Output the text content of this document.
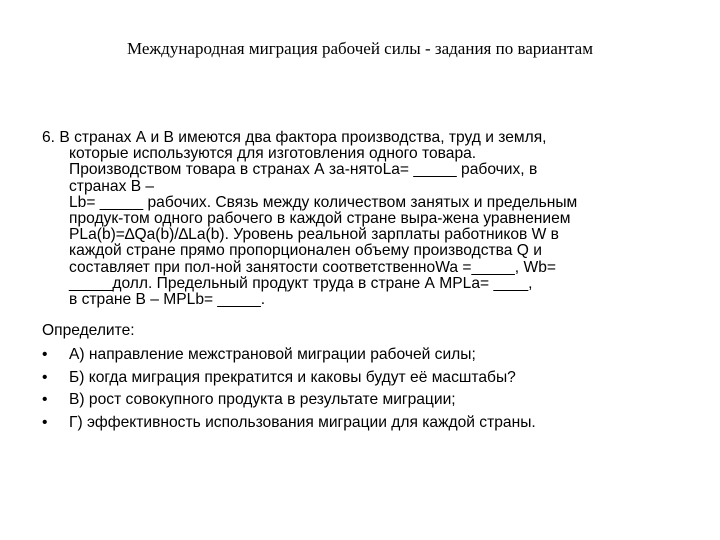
Международная миграция рабочей силы - задания по вариантам
6. В странах А и В имеются два фактора производства, труд и земля,
которые используются для изготовления одного товара.
Производством товара в странах А за-нятоLa= _____ рабочих, в
странах В –
Lb= _____ рабочих. Связь между количеством занятых и предельным
продук-том одного рабочего в каждой стране выра-жена уравнением
PLa(b)=∆Qa(b)/∆La(b). Уровень реальной зарплаты работников W в
каждой стране прямо пропорционален объему производства Q и
составляет при пол-ной занятости соответственноWa =_____, Wb=
_____долл. Предельный продукт труда в стране А MPLa= ____,
в стране В – MPLb= _____.
Определите:
•	А) направление межстрановой миграции рабочей силы;
•	Б) когда миграция прекратится и каковы будут её масштабы?
•	В) рост совокупного продукта в результате миграции;
•	Г) эффективность использования миграции для каждой страны.
